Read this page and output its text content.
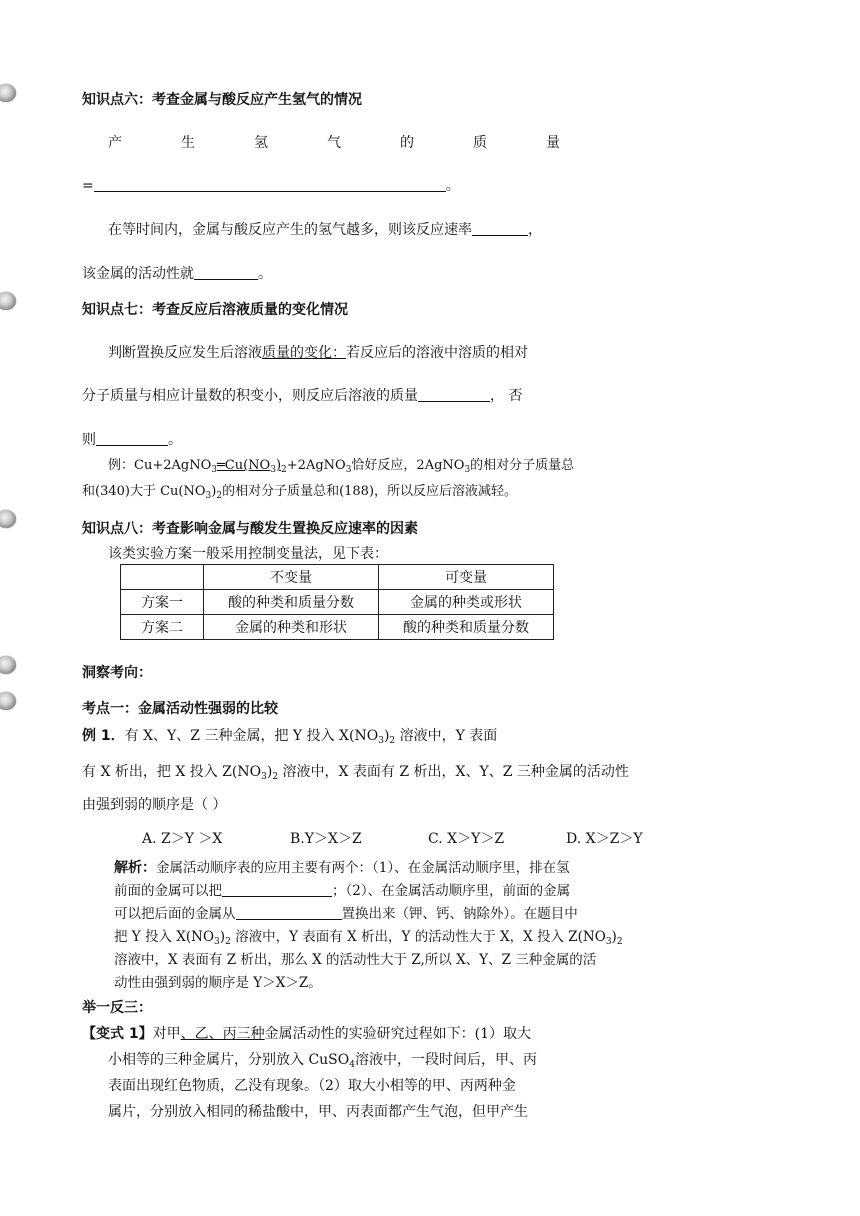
知识点六：考查金属与酸反应产生氢气的情况
产	生	氢	气	的	质	量
=	。
在等时间内，金属与酸反应产生的氢气越多，则该反应速率	，
该金属的活动性就	。
知识点七：考查反应后溶液质量的变化情况
判断置换反应发生后溶液质量的变化：若反应后的溶液中溶质的相对
分子质量与相应计量数的积变小，则反应后溶液的质量	， 否
则	。
例：$Cu+2AgNO_3═Cu(NO_3)_2+2AgNO_3$恰好反应，2AgNO$_3$的相对分子质量总
和(340)大于 $Cu(NO_3)_2$的相对分子质量总和(188)，所以反应后溶液减轻。
知识点八：考查影响金属与酸发生置换反应速率的因素
该类实验方案一般采用控制变量法，见下表：
	不变量	可变量
方案一	酸的种类和质量分数	金属的种类或形状
方案二	金属的种类和形状	酸的种类和质量分数
洞察考向：
考点一：金属活动性强弱的比较
例 1．有 X、Y、Z 三种金属，把 Y 投入 $X(NO_3)_2$ 溶液中，Y 表面
有 X 析出，把 X 投入 $Z(NO_3)_2$ 溶液中，X 表面有 Z 析出，X、Y、Z 三种金属的活动性
由强到弱的顺序是（ ）
A. Z＞Y ＞X	B.Y＞X＞Z	C. X＞Y＞Z	D. X＞Z＞Y
解析：金属活动顺序表的应用主要有两个：（1）、在金属活动顺序里，排在氢
前面的金属可以把	；（2）、在金属活动顺序里，前面的金属
可以把后面的金属从	置换出来（钾、钙、钠除外）。在题目中
把 Y 投入 $X(NO_3)_2$ 溶液中，Y 表面有 X 析出，Y 的活动性大于 X，X 投入 $Z(NO_3)_2$
溶液中，X 表面有 Z 析出，那么 X 的活动性大于 Z,所以 X、Y、Z 三种金属的活
动性由强到弱的顺序是 Y＞X＞Z。
举一反三：
【变式 1】对甲、乙、丙三种金属活动性的实验研究过程如下：(1）取大
小相等的三种金属片，分别放入 CuSO$_4$溶液中，一段时间后，甲、丙
表面出现红色物质，乙没有现象。（2）取大小相等的甲、丙两种金
属片，分别放入相同的稀盐酸中，甲、丙表面都产生气泡，但甲产生
